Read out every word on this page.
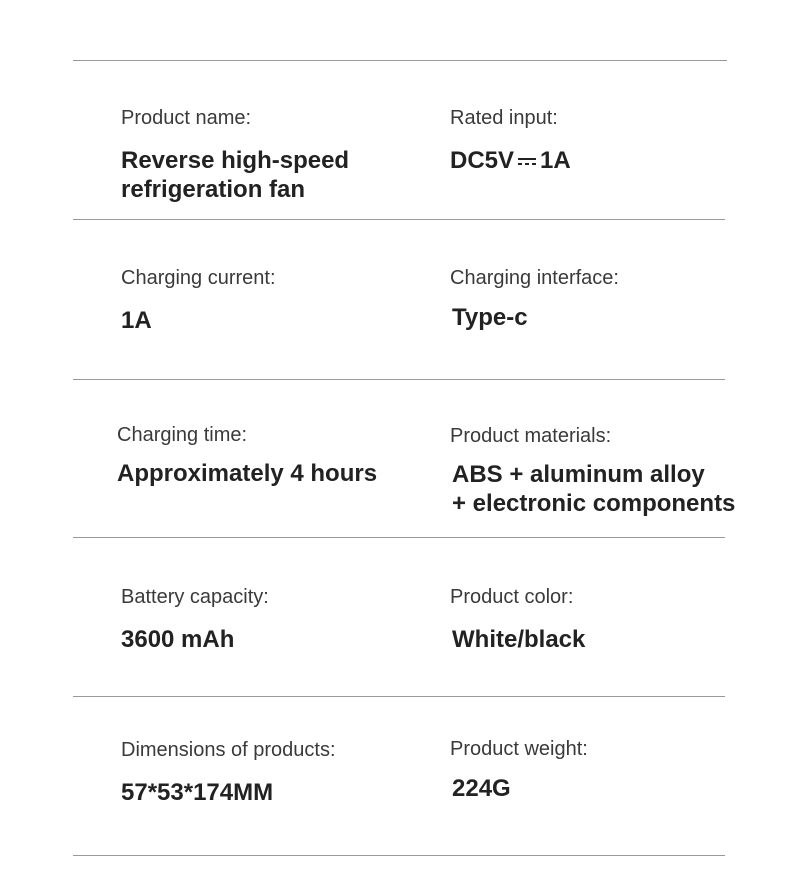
Product name:
Reverse high-speed
refrigeration fan
Rated input:
DC5V 1A
Charging current:
1A
Charging interface:
Type-c
Charging time:
Approximately 4 hours
Product materials:
ABS + aluminum alloy
+ electronic components
Battery capacity:
3600 mAh
Product color:
White/black
Dimensions of products:
57*53*174MM
Product weight:
224G
